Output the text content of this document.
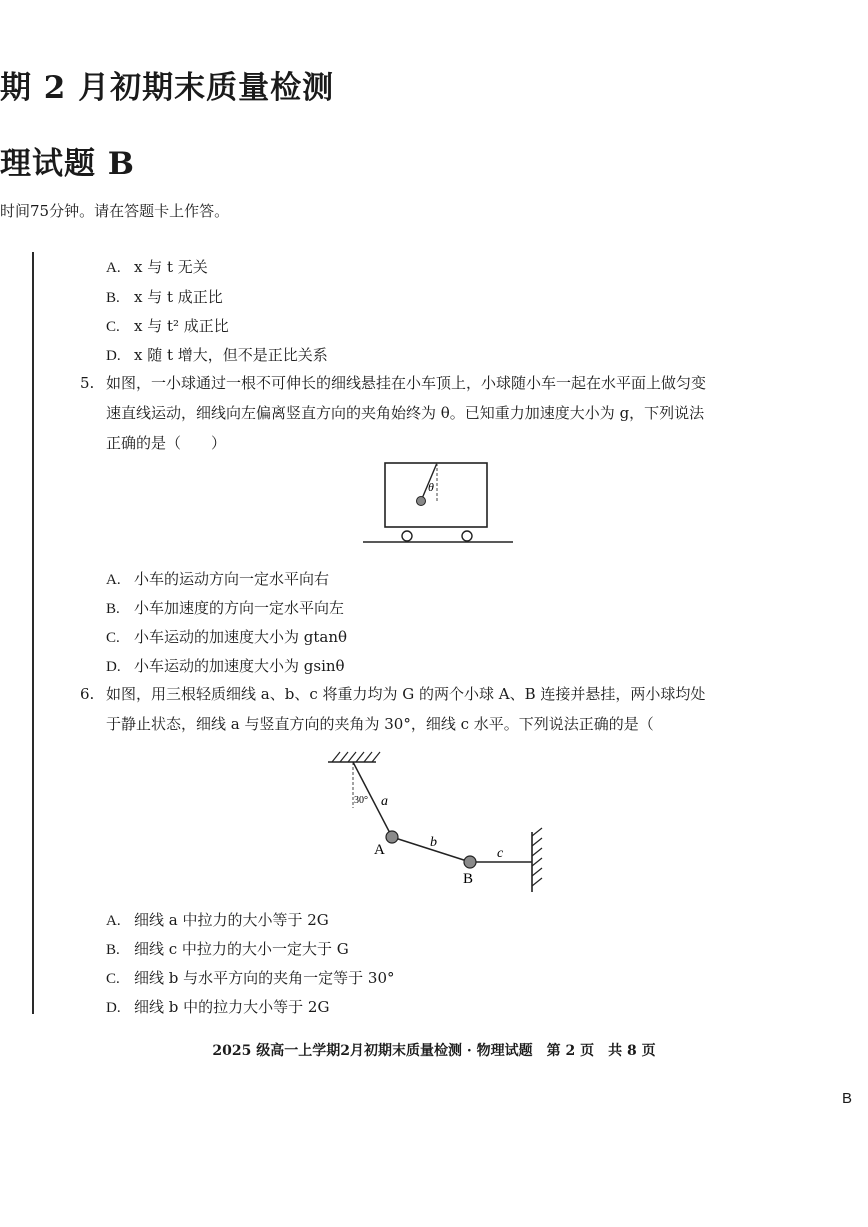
期 2 月初期末质量检测
理试题 B
时间75分钟。请在答题卡上作答。
A. x 与 t 无关
B. x 与 t 成正比
C. x 与 t² 成正比
D. x 随 t 增大，但不是正比关系
5. 如图，一小球通过一根不可伸长的细线悬挂在小车顶上，小球随小车一起在水平面上做匀变
速直线运动，细线向左偏离竖直方向的夹角始终为 θ。已知重力加速度大小为 g，下列说法
正确的是（　　）
θ
A. 小车的运动方向一定水平向右
B. 小车加速度的方向一定水平向左
C. 小车运动的加速度大小为 gtanθ
D. 小车运动的加速度大小为 gsinθ
6. 如图，用三根轻质细线 a、b、c 将重力均为 G 的两个小球 A、B 连接并悬挂，两小球均处
于静止状态，细线 a 与竖直方向的夹角为 30°，细线 c 水平。下列说法正确的是（
30° a
b
c
A
B
A. 细线 a 中拉力的大小等于 2G
B. 细线 c 中拉力的大小一定大于 G
C. 细线 b 与水平方向的夹角一定等于 30°
D. 细线 b 中的拉力大小等于 2G
2025 级高一上学期2月初期末质量检测 · 物理试题　第 2 页　共 8 页
B
